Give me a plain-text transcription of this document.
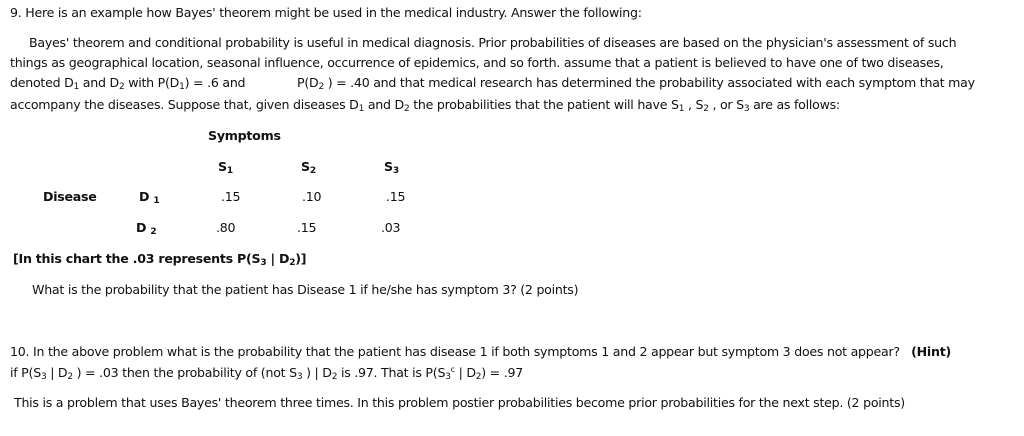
9. Here is an example how Bayes' theorem might be used in the medical industry. Answer the following:
Bayes' theorem and conditional probability is useful in medical diagnosis. Prior probabilities of diseases are based on the physician's assessment of such
things as geographical location, seasonal influence, occurrence of epidemics, and so forth. assume that a patient is believed to have one of two diseases,
denoted $D_1$ and $D_2$ with $P(D_1) = .6$ and	$P(D_2$ ) = .40 and that medical research has determined the probability associated with each symptom that may
accompany the diseases. Suppose that, given diseases $D_1$ and $D_2$ the probabilities that the patient will have $S_1$ , $S_2$ , or $S_3$ are as follows:
Symptoms
$S_1$	$S_2$	$S_3$
Disease	D $_1$	.15	.10	.15
D $_2$	.80	.15	.03
[In this chart the .03 represents $P(S_3$ | $D_2$)]
What is the probability that the patient has Disease 1 if he/she has symptom 3? (2 points)
10. In the above problem what is the probability that the patient has disease 1 if both symptoms 1 and 2 appear but symptom 3 does not appear? (Hint)
if $P(S_3$ | $D_2$ ) = .03 then the probability of (not $S_3$ ) | $D_2$ is .97. That is $P(S_3^c$ | $D_2) = .97$
This is a problem that uses Bayes' theorem three times. In this problem postier probabilities become prior probabilities for the next step. (2 points)
